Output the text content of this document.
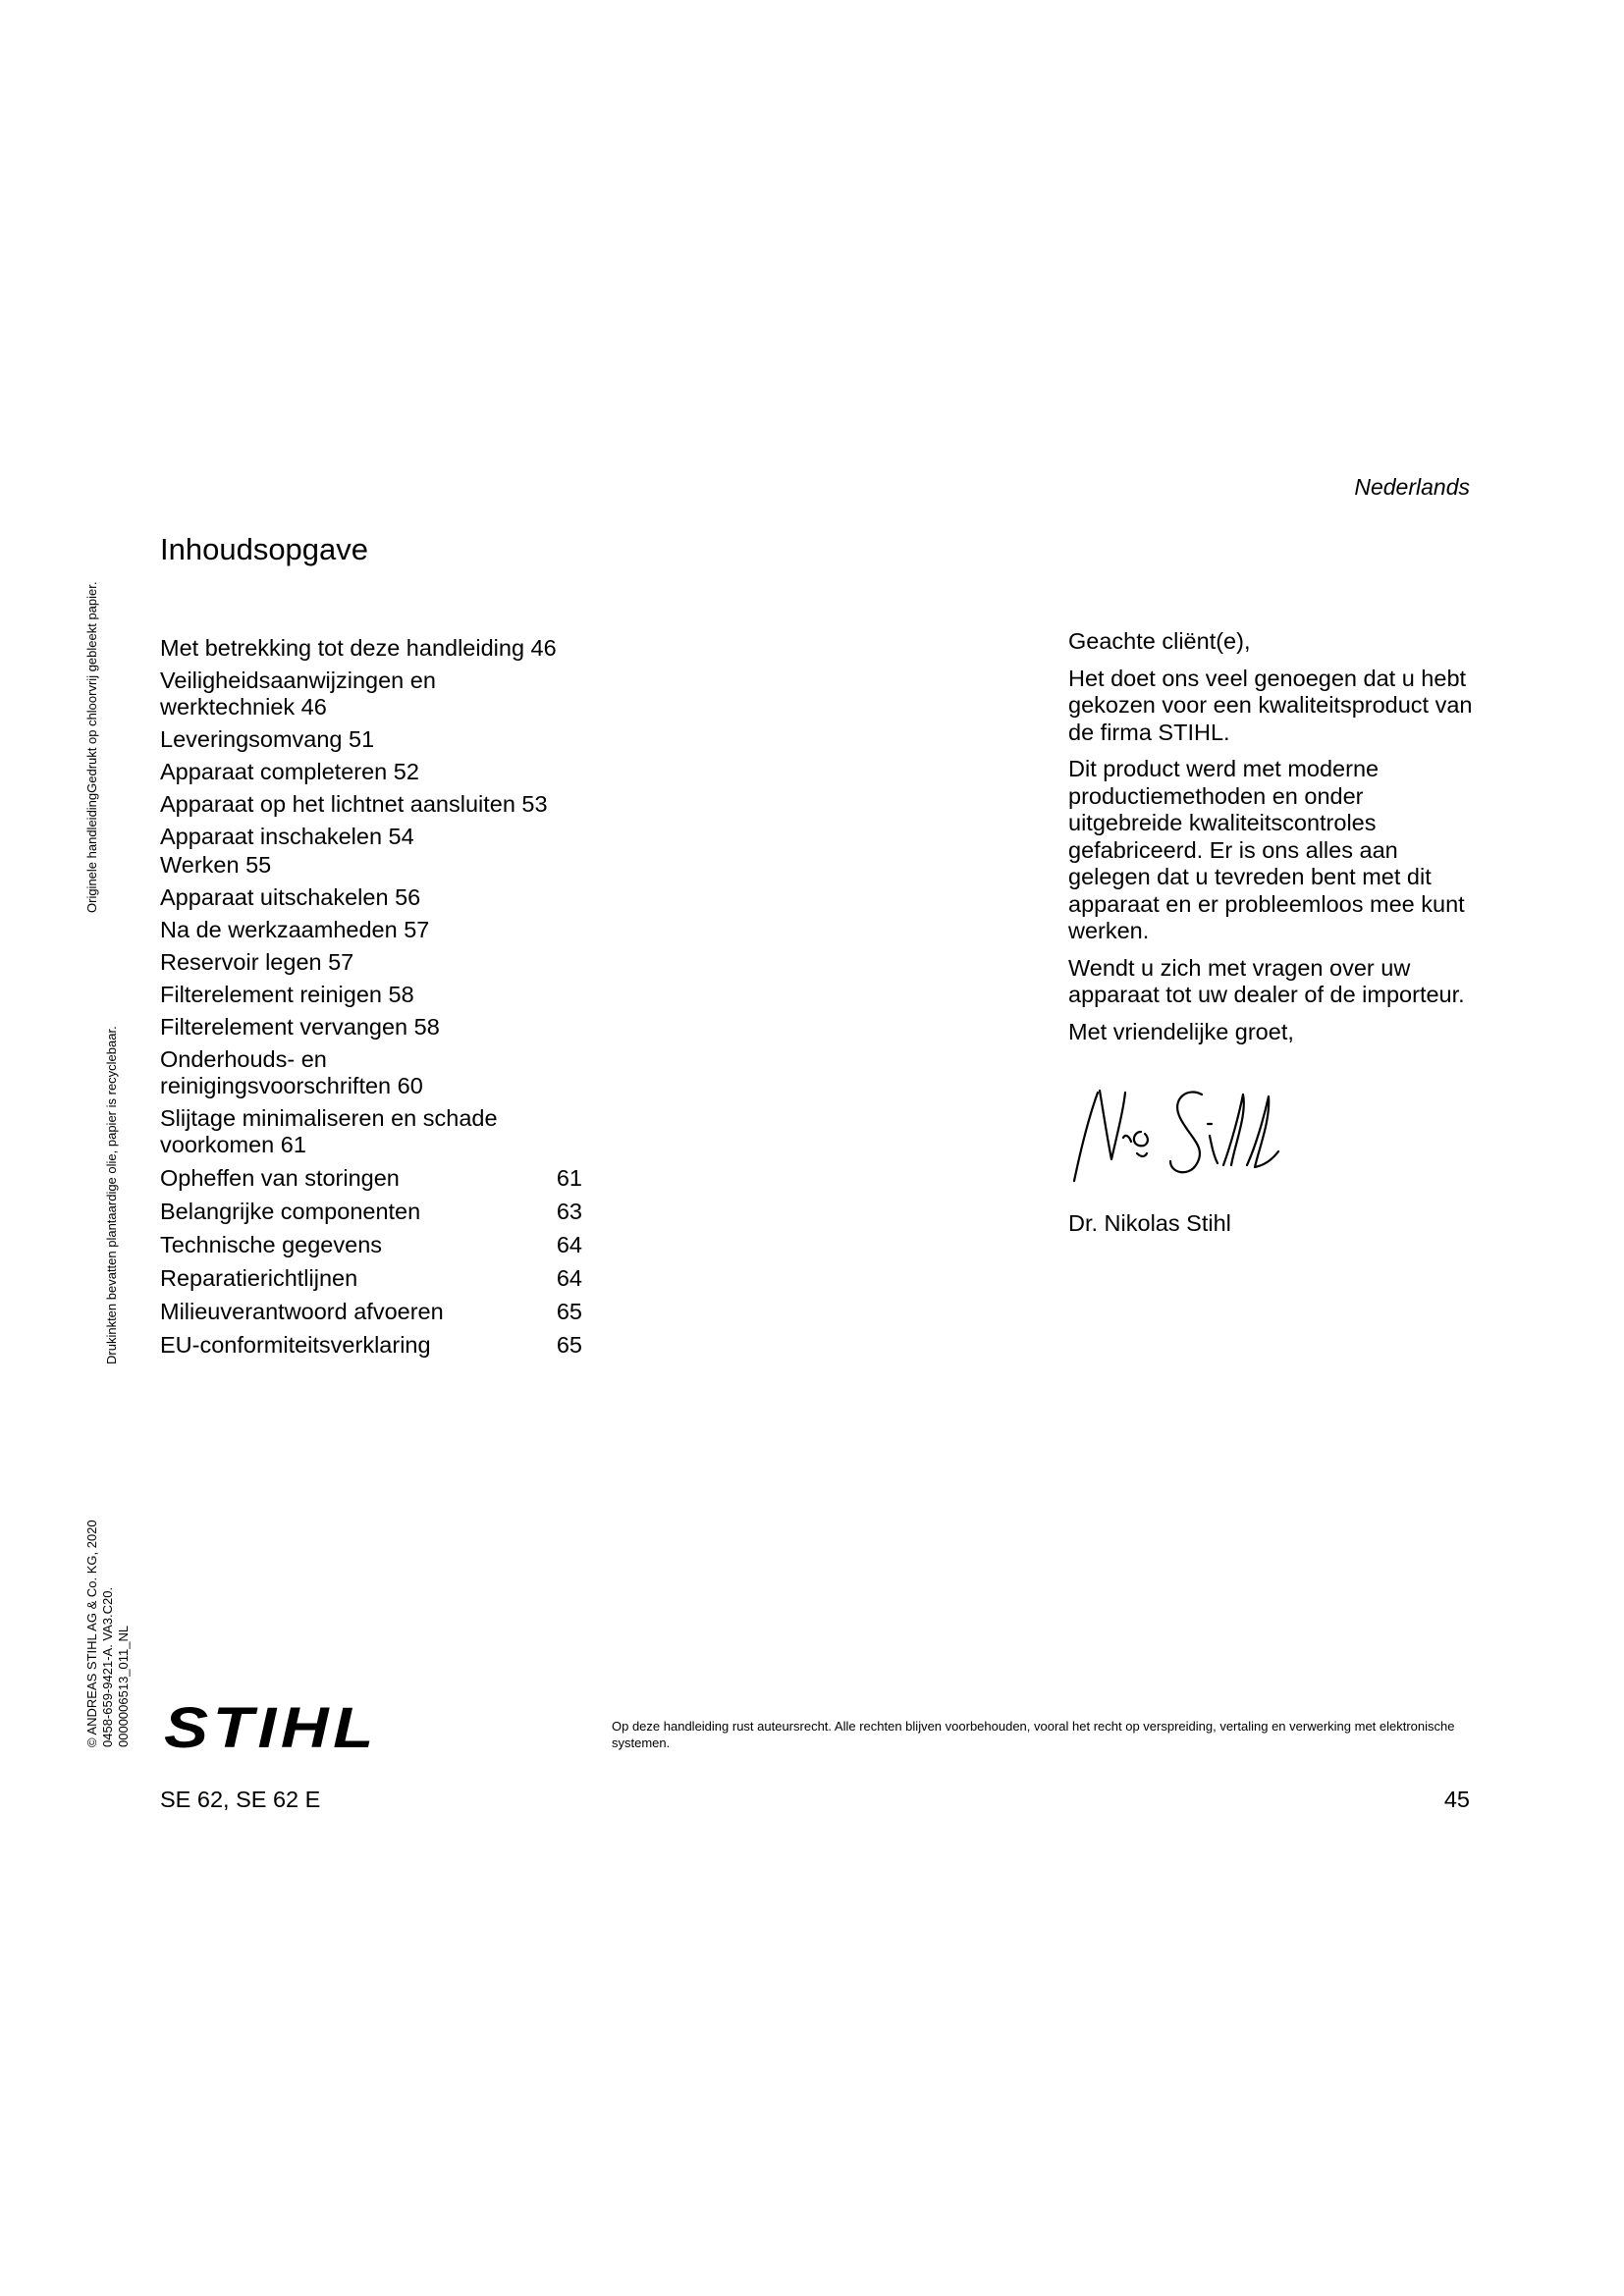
Nederlands
Inhoudsopgave
Met betrekking tot deze handleiding 46
Veiligheidsaanwijzingen en
werktechniek 46
Leveringsomvang 51
Apparaat completeren 52
Apparaat op het lichtnet aansluiten 53
Apparaat inschakelen 54
Werken 55
Apparaat uitschakelen 56
Na de werkzaamheden 57
Reservoir legen 57
Filterelement reinigen 58
Filterelement vervangen 58
Onderhouds- en
reinigingsvoorschriften 60
Slijtage minimaliseren en schade
voorkomen 61
Opheffen van storingen	61
Belangrijke componenten	63
Technische gegevens	64
Reparatierichtlijnen	64
Milieuverantwoord afvoeren	65
EU-conformiteitsverklaring	65

Geachte cliënt(e),

Het doet ons veel genoegen dat u hebt gekozen voor een kwaliteitsproduct van de firma STIHL.

Dit product werd met moderne productiemethoden en onder uitgebreide kwaliteitscontroles gefabriceerd. Er is ons alles aan gelegen dat u tevreden bent met dit apparaat en er probleemloos mee kunt werken.

Wendt u zich met vragen over uw apparaat tot uw dealer of de importeur.

Met vriendelijke groet,

Dr. Nikolas Stihl

Originele handleidingGedrukt op chloorvrij gebleekt papier.
Drukinkten bevatten plantaardige olie, papier is recyclebaar.
© ANDREAS STIHL AG & Co. KG, 2020 0458-659-9421-A. VA3.C20. 0000006513_011_NL STIHL	Op deze handleiding rust auteursrecht. Alle rechten blijven voorbehouden, vooral het recht op verspreiding, vertaling en verwerking met elektronische systemen.
SE 62, SE 62 E	45
